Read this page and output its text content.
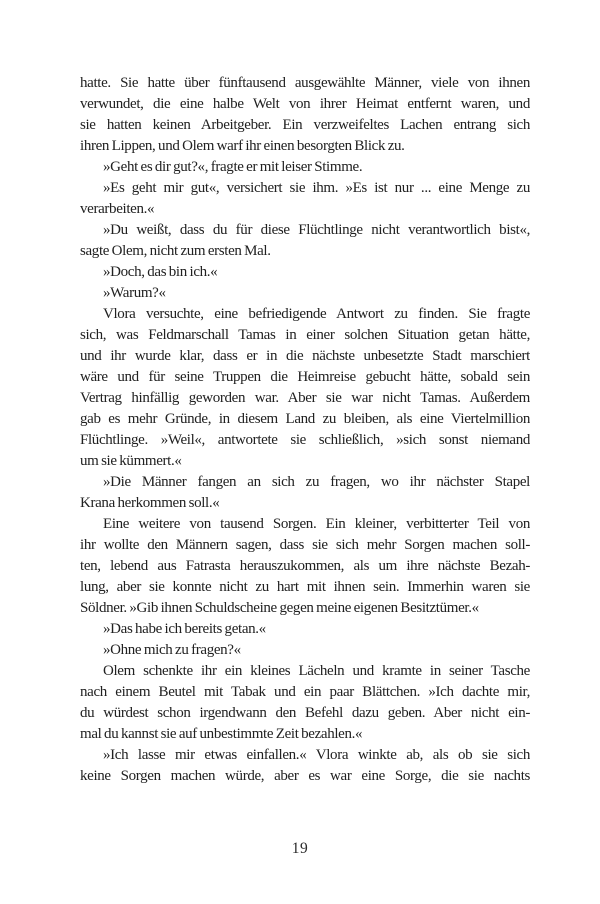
hatte. Sie hatte über fünftausend ausgewählte Männer, viele von ihnen
verwundet, die eine halbe Welt von ihrer Heimat entfernt waren, und
sie hatten keinen Arbeitgeber. Ein verzweifeltes Lachen entrang sich
ihren Lippen, und Olem warf ihr einen besorgten Blick zu.
»Geht es dir gut?«, fragte er mit leiser Stimme.
»Es geht mir gut«, versichert sie ihm. »Es ist nur ... eine Menge zu
verarbeiten.«
»Du weißt, dass du für diese Flüchtlinge nicht verantwortlich bist«,
sagte Olem, nicht zum ersten Mal.
»Doch, das bin ich.«
»Warum?«
Vlora versuchte, eine befriedigende Antwort zu finden. Sie fragte
sich, was Feldmarschall Tamas in einer solchen Situation getan hätte,
und ihr wurde klar, dass er in die nächste unbesetzte Stadt marschiert
wäre und für seine Truppen die Heimreise gebucht hätte, sobald sein
Vertrag hinfällig geworden war. Aber sie war nicht Tamas. Außerdem
gab es mehr Gründe, in diesem Land zu bleiben, als eine Viertelmillion
Flüchtlinge. »Weil«, antwortete sie schließlich, »sich sonst niemand
um sie kümmert.«
»Die Männer fangen an sich zu fragen, wo ihr nächster Stapel
Krana herkommen soll.«
Eine weitere von tausend Sorgen. Ein kleiner, verbitterter Teil von
ihr wollte den Männern sagen, dass sie sich mehr Sorgen machen soll-
ten, lebend aus Fatrasta herauszukommen, als um ihre nächste Bezah-
lung, aber sie konnte nicht zu hart mit ihnen sein. Immerhin waren sie
Söldner. »Gib ihnen Schuldscheine gegen meine eigenen Besitztümer.«
»Das habe ich bereits getan.«
»Ohne mich zu fragen?«
Olem schenkte ihr ein kleines Lächeln und kramte in seiner Tasche
nach einem Beutel mit Tabak und ein paar Blättchen. »Ich dachte mir,
du würdest schon irgendwann den Befehl dazu geben. Aber nicht ein-
mal du kannst sie auf unbestimmte Zeit bezahlen.«
»Ich lasse mir etwas einfallen.« Vlora winkte ab, als ob sie sich
keine Sorgen machen würde, aber es war eine Sorge, die sie nachts
19
